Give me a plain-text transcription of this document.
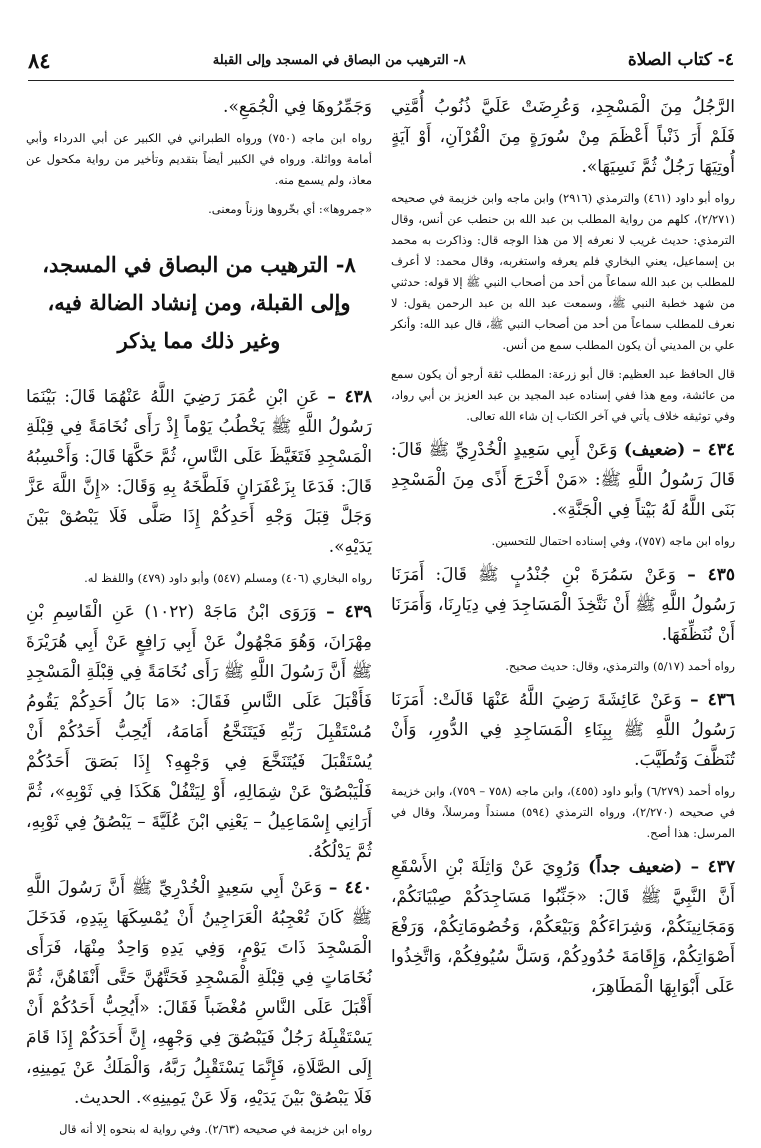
٤- كتاب الصلاة
٨- الترهيب من البصاق في المسجد وإلى القبلة
٨٤

الرَّجُلُ مِنَ الْمَسْجِدِ، وَعُرِضَتْ عَلَيَّ ذُنُوبُ أُمَّتِي فَلَمْ أَرَ ذَنْباً أَعْظَمَ مِنْ سُورَةٍ مِنَ الْقُرْآنِ، أَوْ آيَةٍ أُوتِيَهَا رَجُلٌ ثُمَّ نَسِيَهَا».

رواه أبو داود (٤٦١) والترمذي (٢٩١٦) وابن ماجه وابن خزيمة في صحيحه (٢/٢٧١)، كلهم من رواية المطلب بن عبد الله بن حنطب عن أنس، وقال الترمذي: حديث غريب لا نعرفه إلا من هذا الوجه قال: وذاكرت به محمد بن إسماعيل، يعني البخاري فلم يعرفه واستغربه، وقال محمد: لا أعرف للمطلب بن عبد الله سماعاً من أحد من أصحاب النبي ﷺ إلا قوله: حدثني من شهد خطبة النبي ﷺ، وسمعت عبد الله بن عبد الرحمن يقول: لا نعرف للمطلب سماعاً من أحد من أصحاب النبي ﷺ، قال عبد الله: وأنكر علي بن المديني أن يكون المطلب سمع من أنس.

قال الحافظ عبد العظيم: قال أبو زرعة: المطلب ثقة أرجو أن يكون سمع من عائشة، ومع هذا ففي إسناده عبد المجيد بن عبد العزيز بن أبي رواد، وفي توثيقه خلاف يأتي في آخر الكتاب إن شاء الله تعالى.

٤٣٤ – (ضعيف) وَعَنْ أَبِي سَعِيدٍ الْخُدْرِيِّ ﷺ قَالَ: قَالَ رَسُولُ اللَّهِ ﷺ: «مَنْ أَخْرَجَ أَذًى مِنَ الْمَسْجِدِ بَنَى اللَّهُ لَهُ بَيْتاً فِي الْجَنَّةِ».

رواه ابن ماجه (٧٥٧)، وفي إسناده احتمال للتحسين.

٤٣٥ – وَعَنْ سَمُرَةَ بْنِ جُنْدُبٍ ﷺ قَالَ: أَمَرَنَا رَسُولُ اللَّهِ ﷺ أَنْ نَتَّخِذَ الْمَسَاجِدَ فِي دِيَارِنَا، وَأَمَرَنَا أَنْ نُنَظِّفَهَا.

رواه أحمد (٥/١٧) والترمذي، وقال: حديث صحيح.

٤٣٦ – وَعَنْ عَائِشَةَ رَضِيَ اللَّهُ عَنْهَا قَالَتْ: أَمَرَنَا رَسُولُ اللَّهِ ﷺ بِبِنَاءِ الْمَسَاجِدِ فِي الدُّورِ، وَأَنْ تُنَظَّفَ وَتُطَيَّبَ.

رواه أحمد (٦/٢٧٩) وأبو داود (٤٥٥)، وابن ماجه (٧٥٨ – ٧٥٩)، وابن خزيمة في صحيحه (٢/٢٧٠)، ورواه الترمذي (٥٩٤) مسنداً ومرسلاً، وقال في المرسل: هذا أصح.

٤٣٧ – (ضعيف جداً) وَرُوِيَ عَنْ وَاثِلَةَ بْنِ الأَسْقَعِ أَنَّ النَّبِيَّ ﷺ قَالَ: «جَنِّبُوا مَسَاجِدَكُمْ صِبْيَانَكُمْ، وَمَجَانِينَكُمْ، وَشِرَاءَكُمْ وَبَيْعَكُمْ، وَخُصُومَاتِكُمْ، وَرَفْعَ أَصْوَاتِكُمْ، وَإِقَامَةَ حُدُودِكُمْ، وَسَلَّ سُيُوفِكُمْ، وَاتَّخِذُوا عَلَى أَبْوَابِهَا الْمَطَاهِرَ،

وَجَمِّرُوهَا فِي الْجُمَعِ».

رواه ابن ماجه (٧٥٠) ورواه الطبراني في الكبير عن أبي الدرداء وأبي أمامة وواثلة. ورواه في الكبير أيضاً بتقديم وتأخير من رواية مكحول عن معاذ، ولم يسمع منه.

«جمروها»: أي بخّروها وزناً ومعنى.

٨- الترهيب من البصاق في المسجد، وإلى القبلة، ومن إنشاد الضالة فيه، وغير ذلك مما يذكر

٤٣٨ – عَنِ ابْنِ عُمَرَ رَضِيَ اللَّهُ عَنْهُمَا قَالَ: بَيْنَمَا رَسُولُ اللَّهِ ﷺ يَخْطُبُ يَوْماً إِذْ رَأَى نُخَامَةً فِي قِبْلَةِ الْمَسْجِدِ فَتَغَيَّظَ عَلَى النَّاسِ، ثُمَّ حَكَّهَا قَالَ: وَأَحْسِبُهُ قَالَ: فَدَعَا بِزَعْفَرَانٍ فَلَطَّخَهُ بِهِ وَقَالَ: «إِنَّ اللَّهَ عَزَّ وَجَلَّ قِبَلَ وَجْهِ أَحَدِكُمْ إِذَا صَلَّى فَلَا يَبْصُقْ بَيْنَ يَدَيْهِ».

رواه البخاري (٤٠٦) ومسلم (٥٤٧) وأبو داود (٤٧٩) واللفظ له.

٤٣٩ – وَرَوَى ابْنُ مَاجَهْ (١٠٢٢) عَنِ الْقَاسِمِ بْنِ مِهْرَانَ، وَهُوَ مَجْهُولٌ عَنْ أَبِي رَافِعٍ عَنْ أَبِي هُرَيْرَةَ ﷺ أَنَّ رَسُولَ اللَّهِ ﷺ رَأَى نُخَامَةً فِي قِبْلَةِ الْمَسْجِدِ فَأَقْبَلَ عَلَى النَّاسِ فَقَالَ: «مَا بَالُ أَحَدِكُمْ يَقُومُ مُسْتَقْبِلَ رَبِّهِ فَيَتَنَخَّعُ أَمَامَهُ، أَيُحِبُّ أَحَدُكُمْ أَنْ يُسْتَقْبَلَ فَيُتَنَخَّعَ فِي وَجْهِهِ؟ إِذَا بَصَقَ أَحَدُكُمْ فَلْيَبْصُقْ عَنْ شِمَالِهِ، أَوْ لِيَتْفُلْ هَكَذَا فِي ثَوْبِهِ»، ثُمَّ أَرَانِي إِسْمَاعِيلُ – يَعْنِي ابْنَ عُلَيَّةَ – يَبْصُقُ فِي ثَوْبِهِ، ثُمَّ يَدْلُكُهُ.

٤٤٠ – وَعَنْ أَبِي سَعِيدٍ الْخُدْرِيِّ ﷺ أَنَّ رَسُولَ اللَّهِ ﷺ كَانَ تُعْجِبُهُ الْعَرَاجِينُ أَنْ يُمْسِكَهَا بِيَدِهِ، فَدَخَلَ الْمَسْجِدَ ذَاتَ يَوْمٍ، وَفِي يَدِهِ وَاحِدٌ مِنْهَا، فَرَأَى نُخَامَاتٍ فِي قِبْلَةِ الْمَسْجِدِ فَحَتَّهُنَّ حَتَّى أَنْقَاهُنَّ، ثُمَّ أَقْبَلَ عَلَى النَّاسِ مُغْضَباً فَقَالَ: «أَيُحِبُّ أَحَدُكُمْ أَنْ يَسْتَقْبِلَهُ رَجُلٌ فَيَبْصُقَ فِي وَجْهِهِ، إِنَّ أَحَدَكُمْ إِذَا قَامَ إِلَى الصَّلَاةِ، فَإِنَّمَا يَسْتَقْبِلُ رَبَّهُ، وَالْمَلَكُ عَنْ يَمِينِهِ، فَلَا يَبْصُقْ بَيْنَ يَدَيْهِ، وَلَا عَنْ يَمِينِهِ». الحديث.

رواه ابن خزيمة في صحيحه (٢/٦٣). وفي رواية له بنحوه إلا أنه قال
